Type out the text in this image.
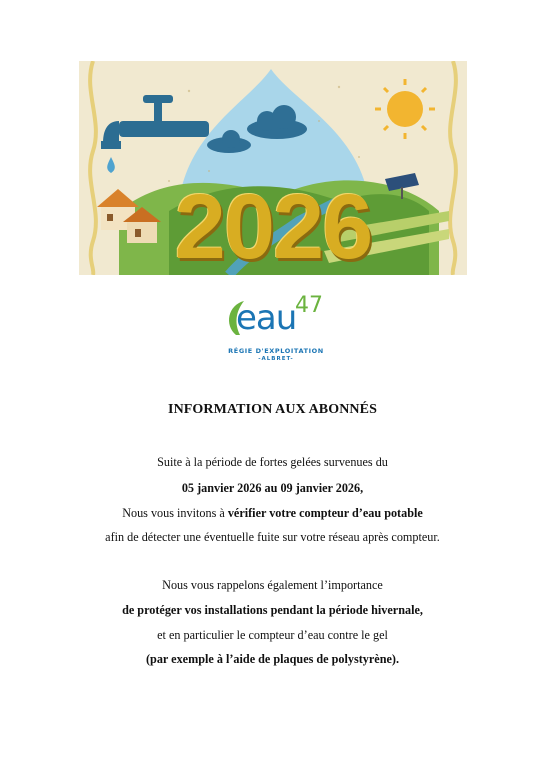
2026
eau
47
RÉGIE D'EXPLOITATION
-ALBRET-
INFORMATION AUX ABONNÉS
Suite à la période de fortes gelées survenues du
05 janvier 2026 au 09 janvier 2026,
Nous vous invitons à vérifier votre compteur d’eau potable
afin de détecter une éventuelle fuite sur votre réseau après compteur.
Nous vous rappelons également l’importance
de protéger vos installations pendant la période hivernale,
et en particulier le compteur d’eau contre le gel
(par exemple à l’aide de plaques de polystyrène).
